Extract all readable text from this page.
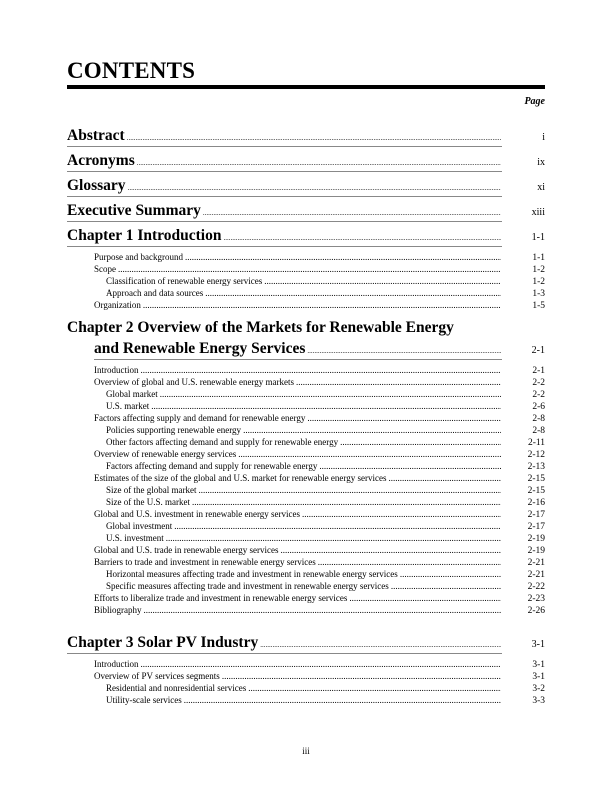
CONTENTS
Page
Abstract .....	i
Acronyms .....	ix
Glossary .....	xi
Executive Summary .....	xiii
Chapter 1 Introduction .....	1-1
Purpose and background .....	1-1
Scope .....	1-2
Classification of renewable energy services .....	1-2
Approach and data sources .....	1-3
Organization .....	1-5
Chapter 2 Overview of the Markets for Renewable Energy
and Renewable Energy Services .....	2-1
Introduction .....	2-1
Overview of global and U.S. renewable energy markets .....	2-2
Global market .....	2-2
U.S. market .....	2-6
Factors affecting supply and demand for renewable energy .....	2-8
Policies supporting renewable energy .....	2-8
Other factors affecting demand and supply for renewable energy .....	2-11
Overview of renewable energy services .....	2-12
Factors affecting demand and supply for renewable energy .....	2-13
Estimates of the size of the global and U.S. market for renewable energy services .....	2-15
Size of the global market .....	2-15
Size of the U.S. market .....	2-16
Global and U.S. investment in renewable energy services .....	2-17
Global investment .....	2-17
U.S. investment .....	2-19
Global and U.S. trade in renewable energy services .....	2-19
Barriers to trade and investment in renewable energy services .....	2-21
Horizontal measures affecting trade and investment in renewable energy services .....	2-21
Specific measures affecting trade and investment in renewable energy services .....	2-22
Efforts to liberalize trade and investment in renewable energy services .....	2-23
Bibliography .....	2-26
Chapter 3 Solar PV Industry .....	3-1
Introduction .....	3-1
Overview of PV services segments .....	3-1
Residential and nonresidential services .....	3-2
Utility-scale services .....	3-3
iii
